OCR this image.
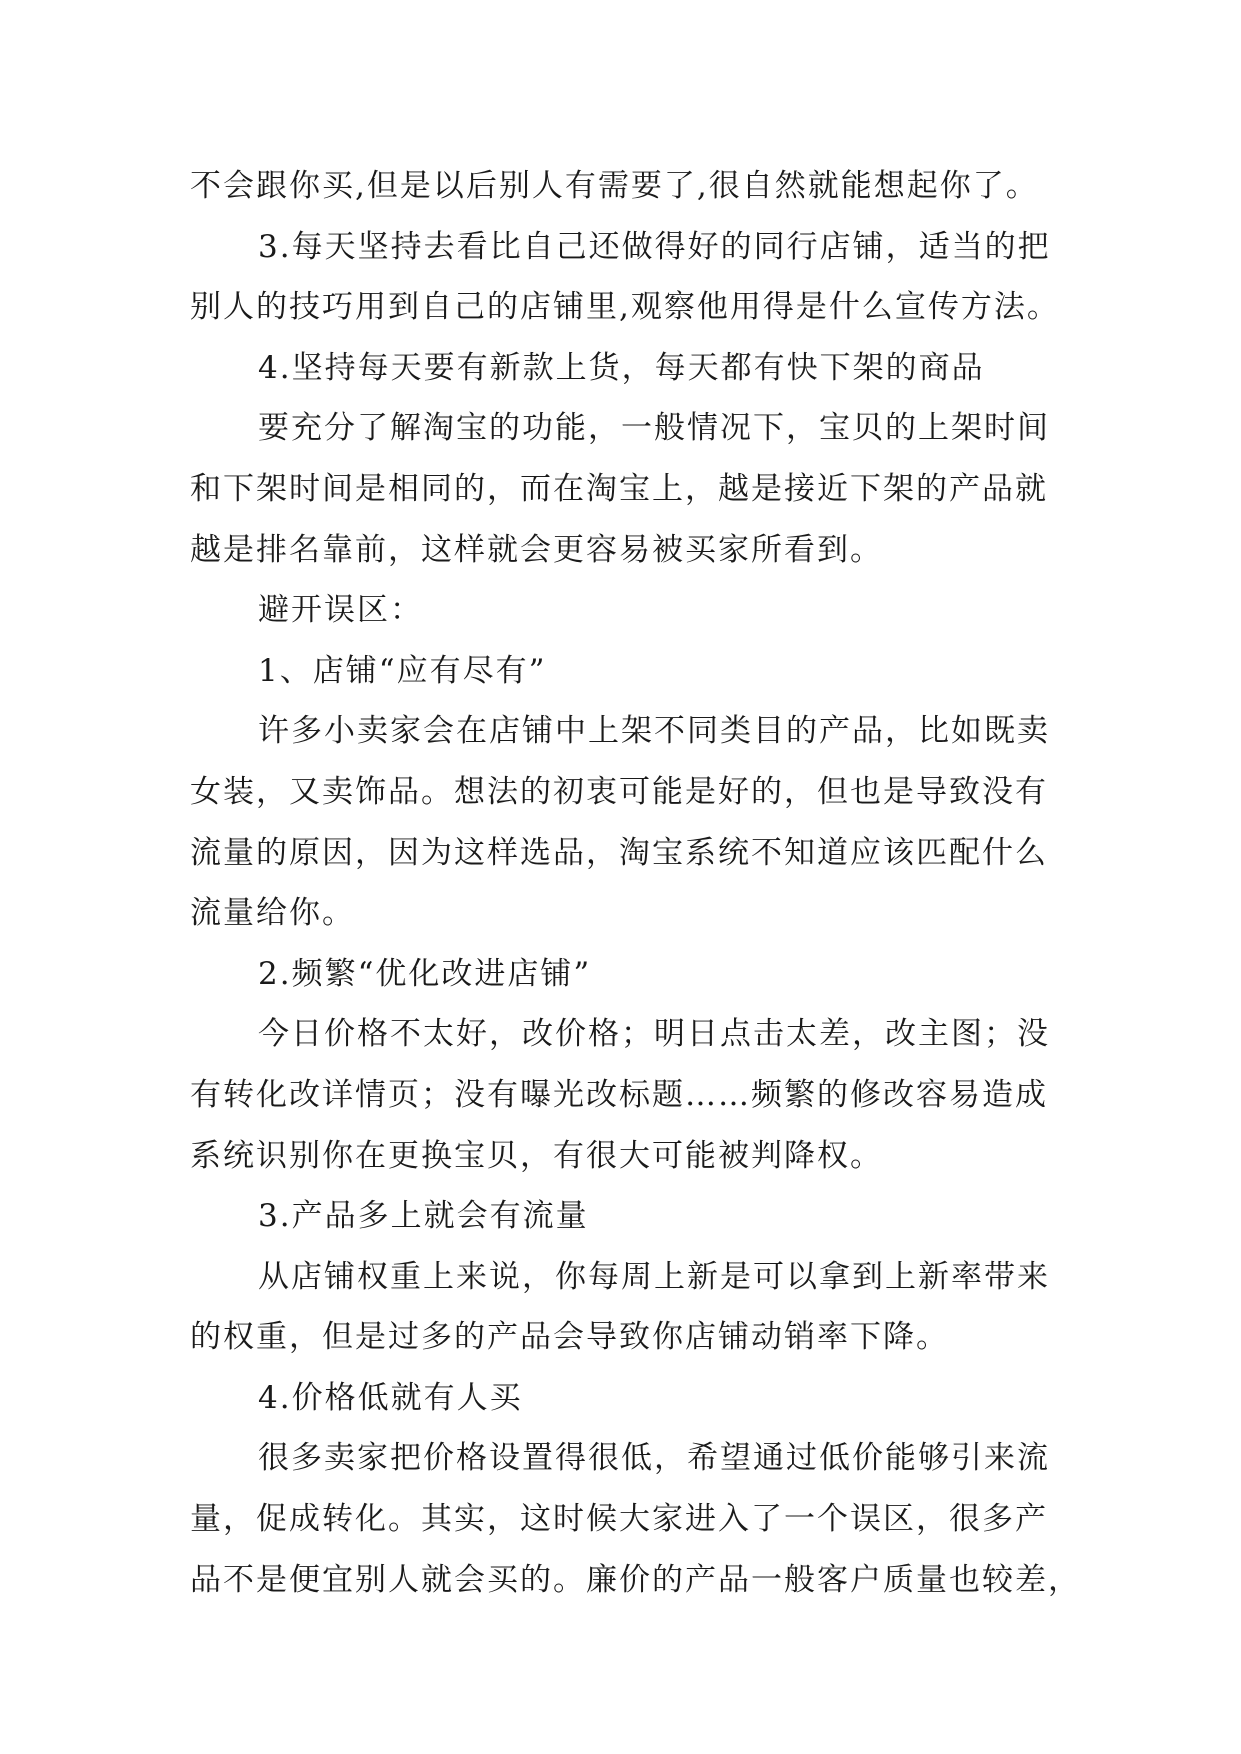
不会跟你买,但是以后别人有需要了,很自然就能想起你了。
3.每天坚持去看比自己还做得好的同行店铺，适当的把
别人的技巧用到自己的店铺里,观察他用得是什么宣传方法。
4.坚持每天要有新款上货，每天都有快下架的商品
要充分了解淘宝的功能，一般情况下，宝贝的上架时间
和下架时间是相同的，而在淘宝上，越是接近下架的产品就
越是排名靠前，这样就会更容易被买家所看到。
避开误区：
1、店铺“应有尽有”
许多小卖家会在店铺中上架不同类目的产品，比如既卖
女装，又卖饰品。想法的初衷可能是好的，但也是导致没有
流量的原因，因为这样选品，淘宝系统不知道应该匹配什么
流量给你。
2.频繁“优化改进店铺”
今日价格不太好，改价格；明日点击太差，改主图；没
有转化改详情页；没有曝光改标题……频繁的修改容易造成
系统识别你在更换宝贝，有很大可能被判降权。
3.产品多上就会有流量
从店铺权重上来说，你每周上新是可以拿到上新率带来
的权重，但是过多的产品会导致你店铺动销率下降。
4.价格低就有人买
很多卖家把价格设置得很低，希望通过低价能够引来流
量，促成转化。其实，这时候大家进入了一个误区，很多产
品不是便宜别人就会买的。廉价的产品一般客户质量也较差，
